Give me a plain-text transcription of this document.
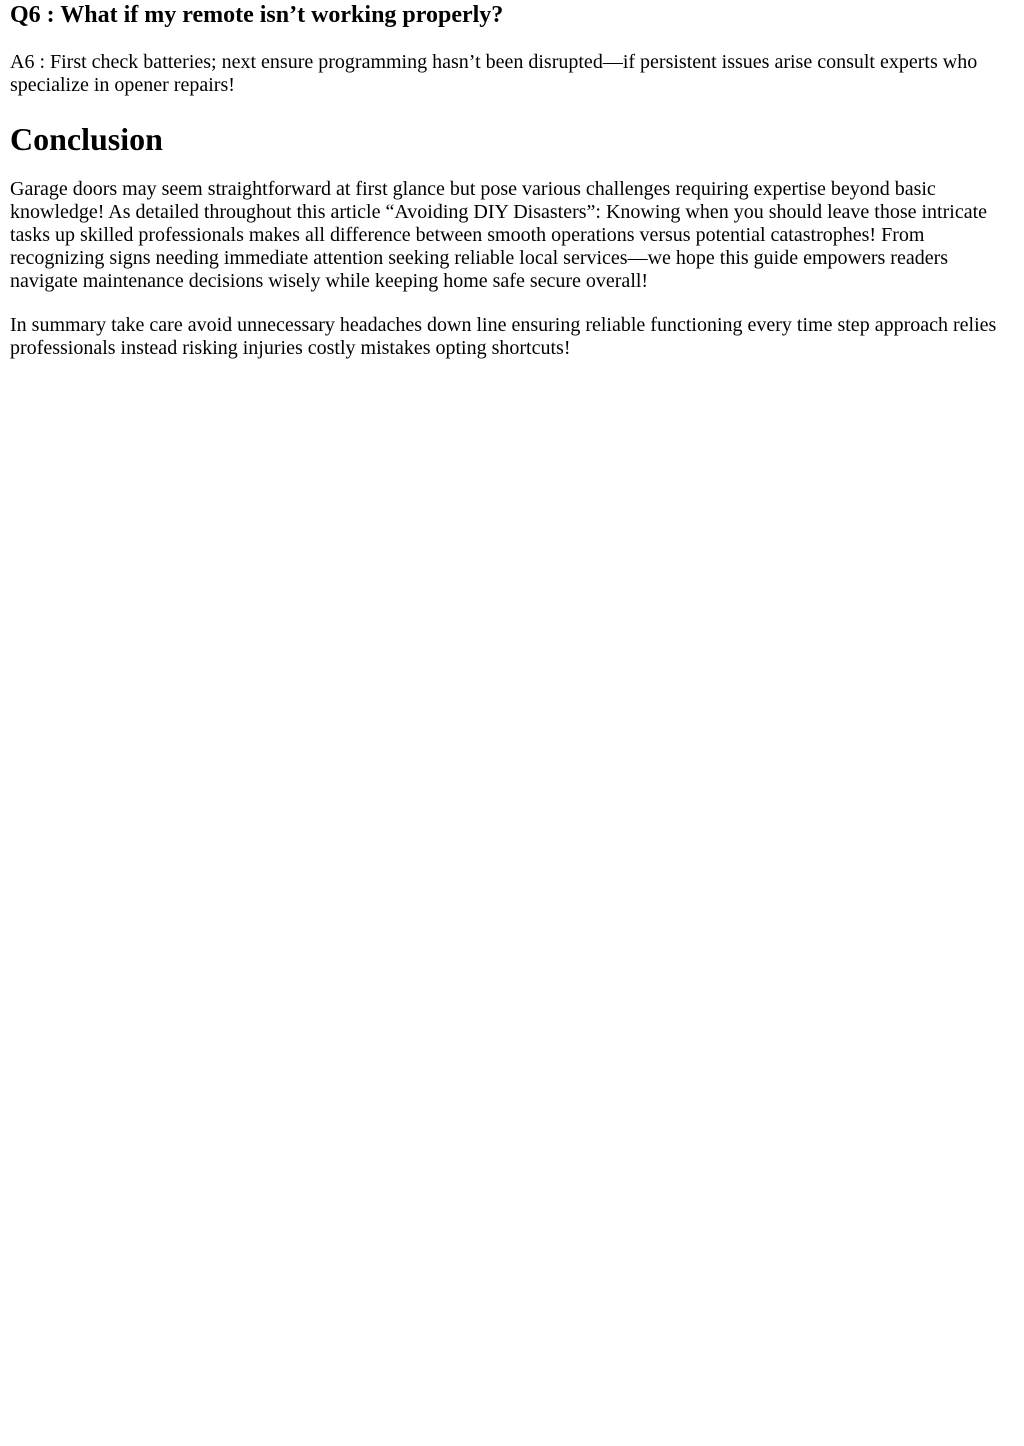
Q6 : What if my remote isn’t working properly?

A6 : First check batteries; next ensure programming hasn’t been disrupted—if persistent issues arise consult experts who specialize in opener repairs!

Conclusion

Garage doors may seem straightforward at first glance but pose various challenges requiring expertise beyond basic knowledge! As detailed throughout this article “Avoiding DIY Disasters”: Knowing when you should leave those intricate tasks up skilled professionals makes all difference between smooth operations versus potential catastrophes! From recognizing signs needing immediate attention seeking reliable local services—we hope this guide empowers readers navigate maintenance decisions wisely while keeping home safe secure overall!

In summary take care avoid unnecessary headaches down line ensuring reliable functioning every time step approach relies professionals instead risking injuries costly mistakes opting shortcuts!
